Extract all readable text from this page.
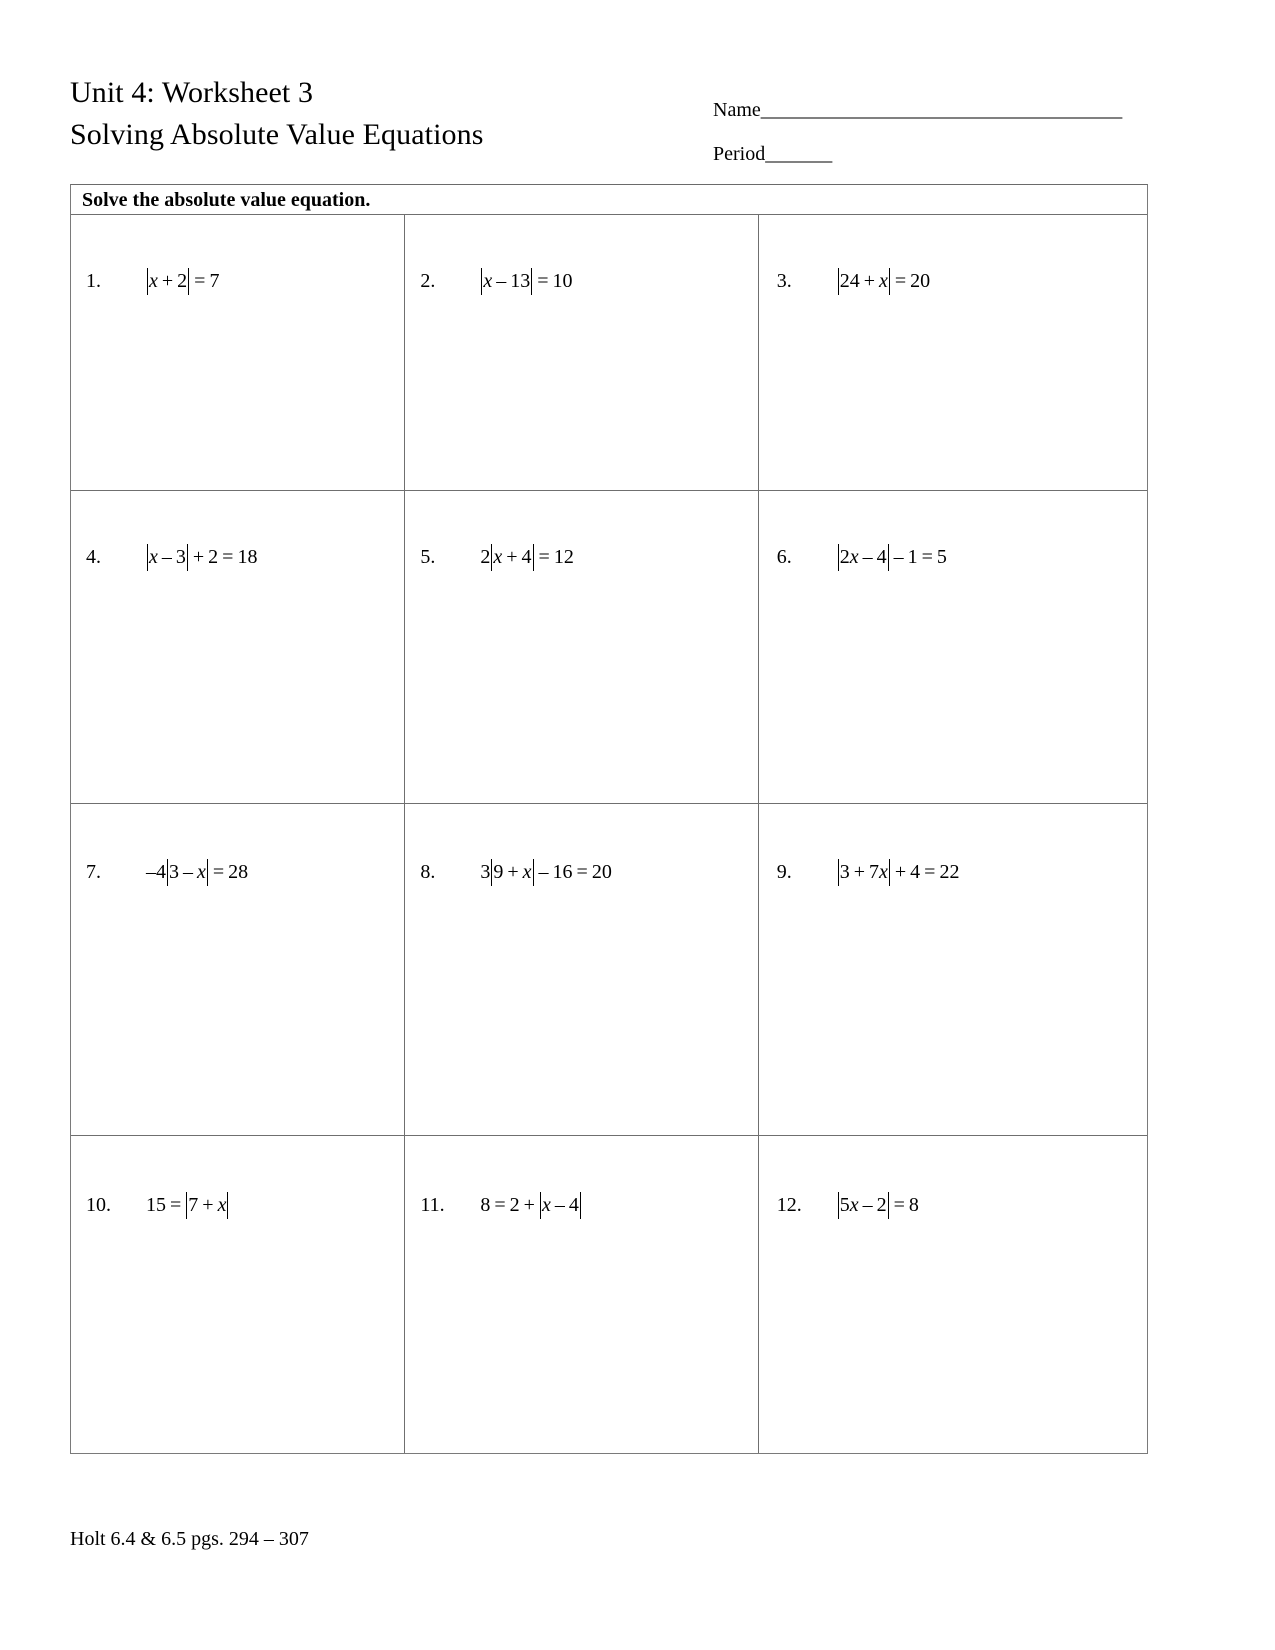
Unit 4: Worksheet 3
Solving Absolute Value Equations
Name______________________________________
Period_______
Solve the absolute value equation.
1.	x + 2 = 7	2.	x – 13 = 10	3.	24 + x = 20
4.	x – 3 + 2 = 18	5.	2 x + 4 = 12	6.	2x – 4 – 1 = 5
7.	–4 3 – x = 28	8.	3 9 + x – 16 = 20	9.	3 + 7x + 4 = 22
10.	15 = 7 + x	11.	8 = 2 + x – 4	12.	5x – 2 = 8
Holt 6.4 & 6.5 pgs. 294 – 307
